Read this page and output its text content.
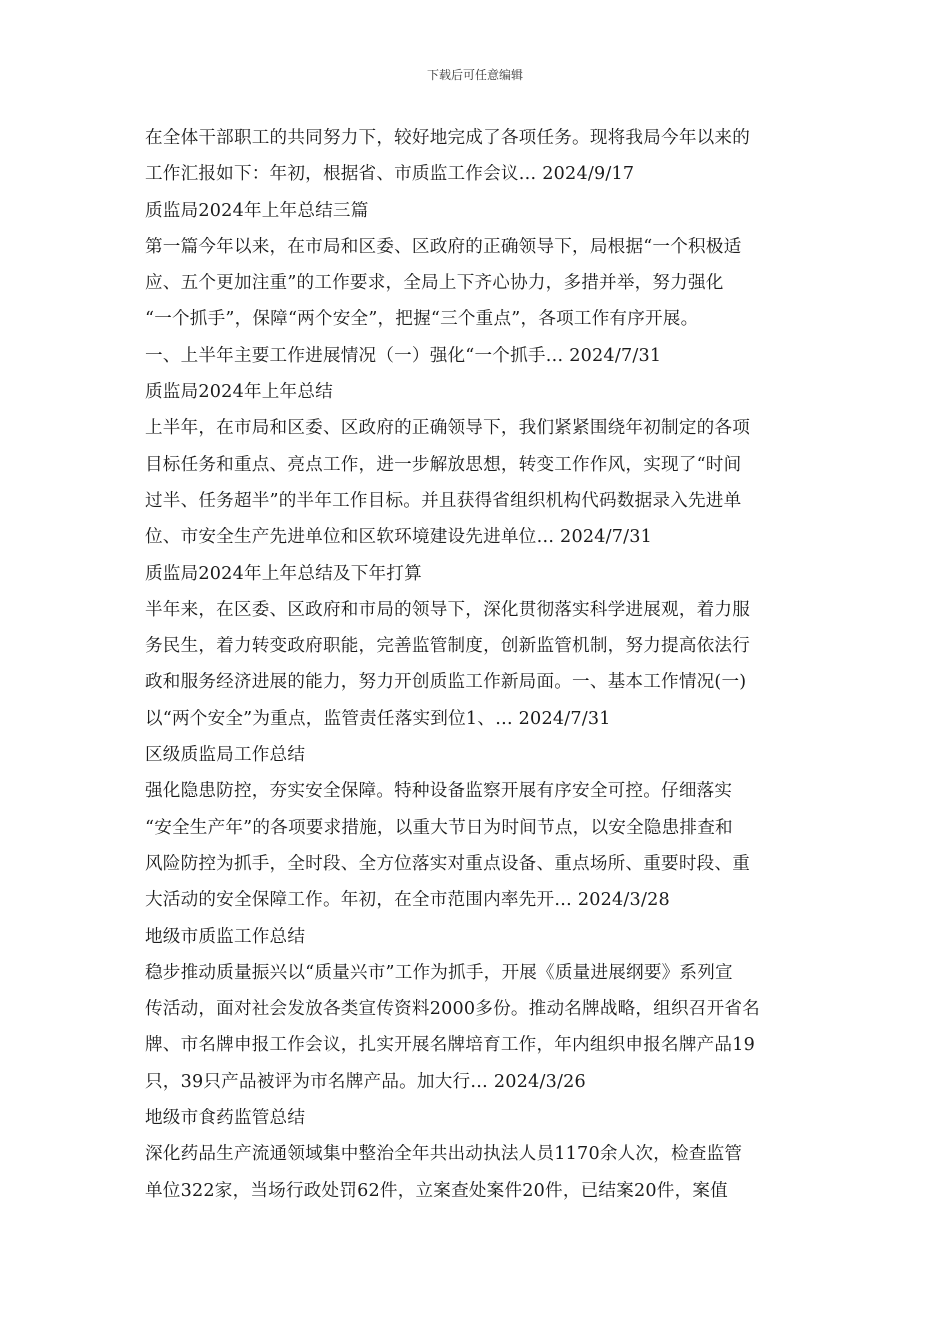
下载后可任意编辑
在全体干部职工的共同努力下，较好地完成了各项任务。现将我局今年以来的
工作汇报如下：年初，根据省、市质监工作会议… 2024/9/17
质监局2024年上年总结三篇
第一篇今年以来，在市局和区委、区政府的正确领导下，局根据“一个积极适
应、五个更加注重”的工作要求，全局上下齐心协力，多措并举，努力强化
“一个抓手”，保障“两个安全”，把握“三个重点”，各项工作有序开展。
一、上半年主要工作进展情况（一）强化“一个抓手… 2024/7/31
质监局2024年上年总结
上半年，在市局和区委、区政府的正确领导下，我们紧紧围绕年初制定的各项
目标任务和重点、亮点工作，进一步解放思想，转变工作作风，实现了“时间
过半、任务超半”的半年工作目标。并且获得省组织机构代码数据录入先进单
位、市安全生产先进单位和区软环境建设先进单位… 2024/7/31
质监局2024年上年总结及下年打算
半年来，在区委、区政府和市局的领导下，深化贯彻落实科学进展观，着力服
务民生，着力转变政府职能，完善监管制度，创新监管机制，努力提高依法行
政和服务经济进展的能力，努力开创质监工作新局面。一、基本工作情况(一)
以“两个安全”为重点，监管责任落实到位1、… 2024/7/31
区级质监局工作总结
强化隐患防控，夯实安全保障。特种设备监察开展有序安全可控。仔细落实
“安全生产年”的各项要求措施，以重大节日为时间节点，以安全隐患排查和
风险防控为抓手，全时段、全方位落实对重点设备、重点场所、重要时段、重
大活动的安全保障工作。年初，在全市范围内率先开… 2024/3/28
地级市质监工作总结
稳步推动质量振兴以“质量兴市”工作为抓手，开展《质量进展纲要》系列宣
传活动，面对社会发放各类宣传资料2000多份。推动名牌战略，组织召开省名
牌、市名牌申报工作会议，扎实开展名牌培育工作，年内组织申报名牌产品19
只，39只产品被评为市名牌产品。加大行… 2024/3/26
地级市食药监管总结
深化药品生产流通领域集中整治全年共出动执法人员1170余人次，检查监管
单位322家，当场行政处罚62件，立案查处案件20件，已结案20件，案值
